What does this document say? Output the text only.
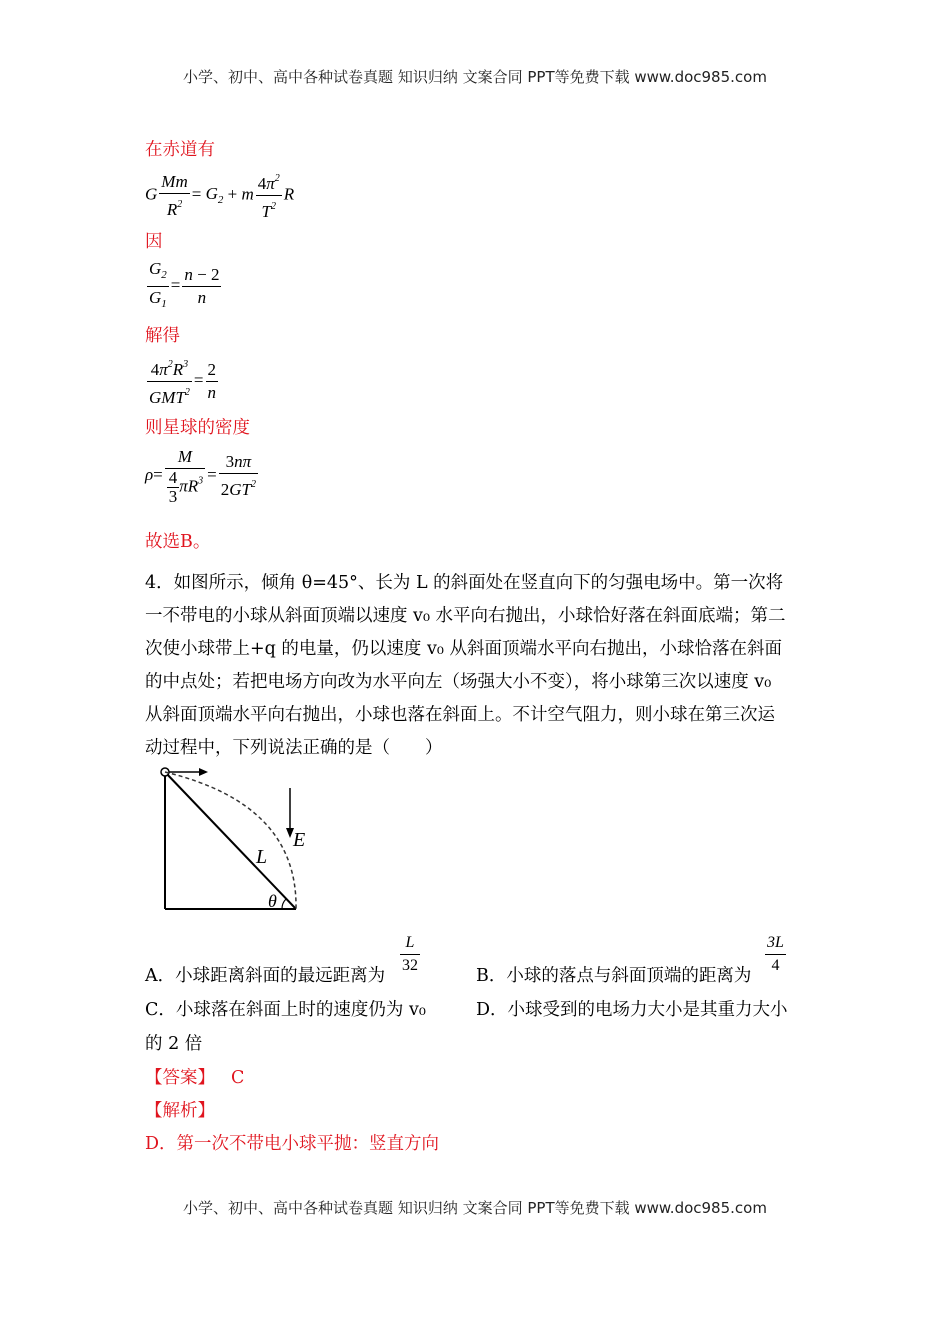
小学、初中、高中各种试卷真题 知识归纳 文案合同 PPT等免费下载 www.doc985.com
在赤道有
G $\frac{Mm}{R^2} = G_2 + m \frac{4\pi^2}{T^2}$ R
因
$\frac{G_2}{G_1} = \frac{n - 2}{n}$
解得
$\frac{4\pi^2R^3}{GMT^2} = \frac{2}{n}$
则星球的密度
$\rho= \frac{M}{\frac{4}{3} \pi R^3} = \frac{3n\pi}{2GT^2}$
故选B。
4．如图所示，倾角 θ=45°、长为 L 的斜面处在竖直向下的匀强电场中。第一次将
一不带电的小球从斜面顶端以速度 v₀ 水平向右抛出，小球恰好落在斜面底端；第二
次使小球带上+q 的电量，仍以速度 v₀ 从斜面顶端水平向右抛出，小球恰落在斜面
的中点处；若把电场方向改为水平向左（场强大小不变），将小球第三次以速度 v₀
从斜面顶端水平向右抛出，小球也落在斜面上。不计空气阻力，则小球在第三次运
动过程中，下列说法正确的是（　　）
E
L
θ
A．小球距离斜面的最远距离为 $\frac{L}{32}$	B．小球的落点与斜面顶端的距离为 $\frac{3L}{4}$
C．小球落在斜面上时的速度仍为 v₀	D．小球受到的电场力大小是其重力大小
的 2 倍
【答案】 C
【解析】
D．第一次不带电小球平抛：竖直方向
小学、初中、高中各种试卷真题 知识归纳 文案合同 PPT等免费下载 www.doc985.com
